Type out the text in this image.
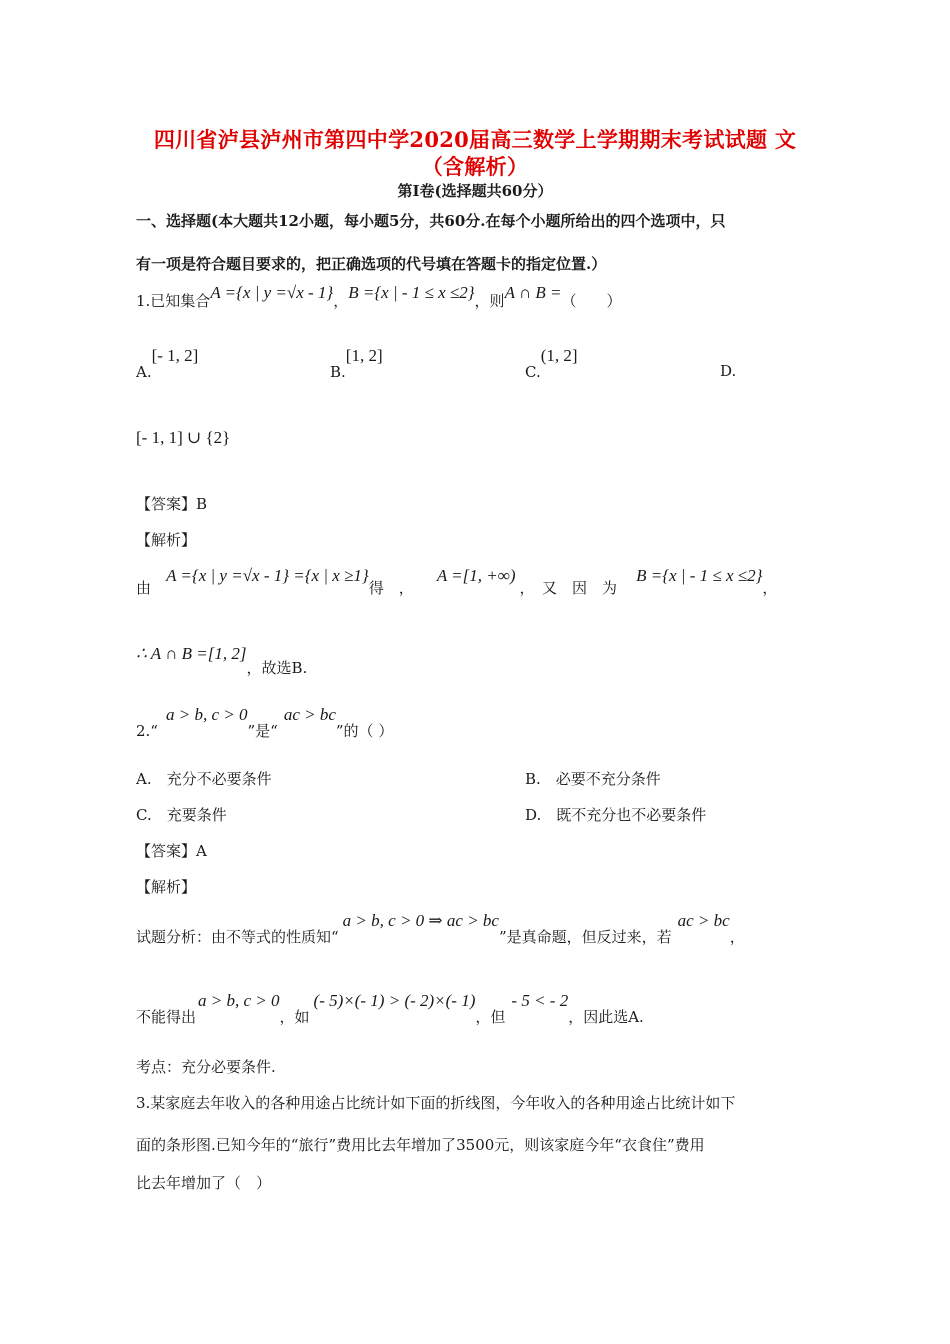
四川省泸县泸州市第四中学2020届高三数学上学期期末考试试题 文
（含解析）
第Ⅰ卷(选择题共60分）
一、选择题(本大题共12小题，每小题5分，共60分.在每个小题所给出的四个选项中，只
有一项是符合题目要求的，把正确选项的代号填在答题卡的指定位置.）
1.已知集合A ={x | y =√x - 1}，B ={x | - 1 ≤ x ≤2}，则A ∩ B =（　　）
A.[- 1, 2]
B.[1, 2]
C.(1, 2]
D.
[- 1, 1] ∪ {2}
【答案】B
【解析】
由 A ={x | y =√x - 1} ={x | x ≥1}得　， A =[1, +∞)，　又　因　为 B ={x | - 1 ≤ x ≤2}，
∴ A ∩ B =[1, 2]，故选B.
2.“a > b, c > 0”是“ac > bc”的（ ）
A.　充分不必要条件	B.　必要不充分条件
C.　充要条件	D.　既不充分也不必要条件
【答案】A
【解析】
试题分析：由不等式的性质知“a > b, c > 0 ⇒ ac > bc”是真命题，但反过来，若ac > bc，
不能得出a > b, c > 0，如(- 5)×(- 1) > (- 2)×(- 1)，但- 5 < - 2，因此选A.
考点：充分必要条件.
3.某家庭去年收入的各种用途占比统计如下面的折线图，今年收入的各种用途占比统计如下
面的条形图.已知今年的“旅行”费用比去年增加了3500元，则该家庭今年“衣食住”费用
比去年增加了（　）
